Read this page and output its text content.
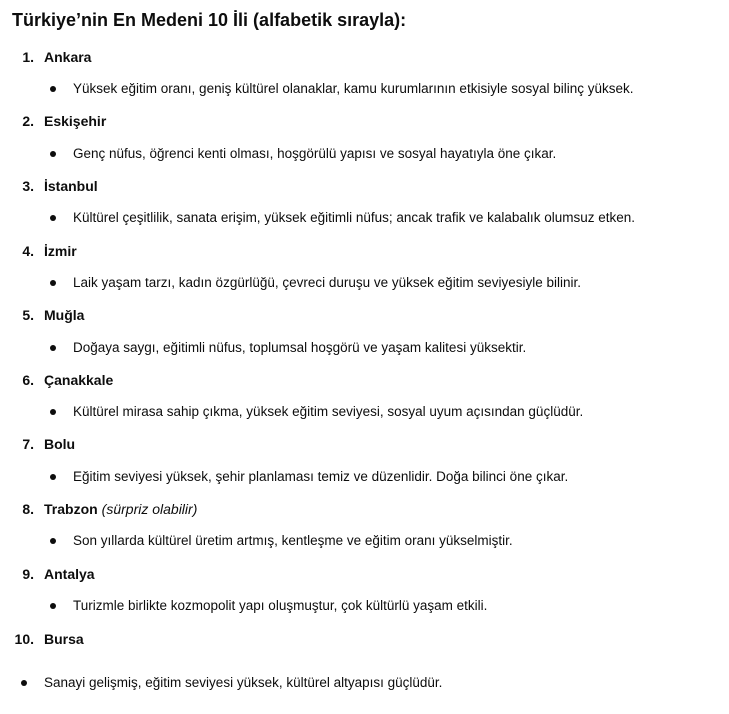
Türkiye’nin En Medeni 10 İli (alfabetik sırayla):
1. Ankara
Yüksek eğitim oranı, geniş kültürel olanaklar, kamu kurumlarının etkisiyle sosyal bilinç yüksek.
2. Eskişehir
Genç nüfus, öğrenci kenti olması, hoşgörülü yapısı ve sosyal hayatıyla öne çıkar.
3. İstanbul
Kültürel çeşitlilik, sanata erişim, yüksek eğitimli nüfus; ancak trafik ve kalabalık olumsuz etken.
4. İzmir
Laik yaşam tarzı, kadın özgürlüğü, çevreci duruşu ve yüksek eğitim seviyesiyle bilinir.
5. Muğla
Doğaya saygı, eğitimli nüfus, toplumsal hoşgörü ve yaşam kalitesi yüksektir.
6. Çanakkale
Kültürel mirasa sahip çıkma, yüksek eğitim seviyesi, sosyal uyum açısından güçlüdür.
7. Bolu
Eğitim seviyesi yüksek, şehir planlaması temiz ve düzenlidir. Doğa bilinci öne çıkar.
8. Trabzon (sürpriz olabilir)
Son yıllarda kültürel üretim artmış, kentleşme ve eğitim oranı yükselmiştir.
9. Antalya
Turizmle birlikte kozmopolit yapı oluşmuştur, çok kültürlü yaşam etkili.
10. Bursa
Sanayi gelişmiş, eğitim seviyesi yüksek, kültürel altyapısı güçlüdür.
